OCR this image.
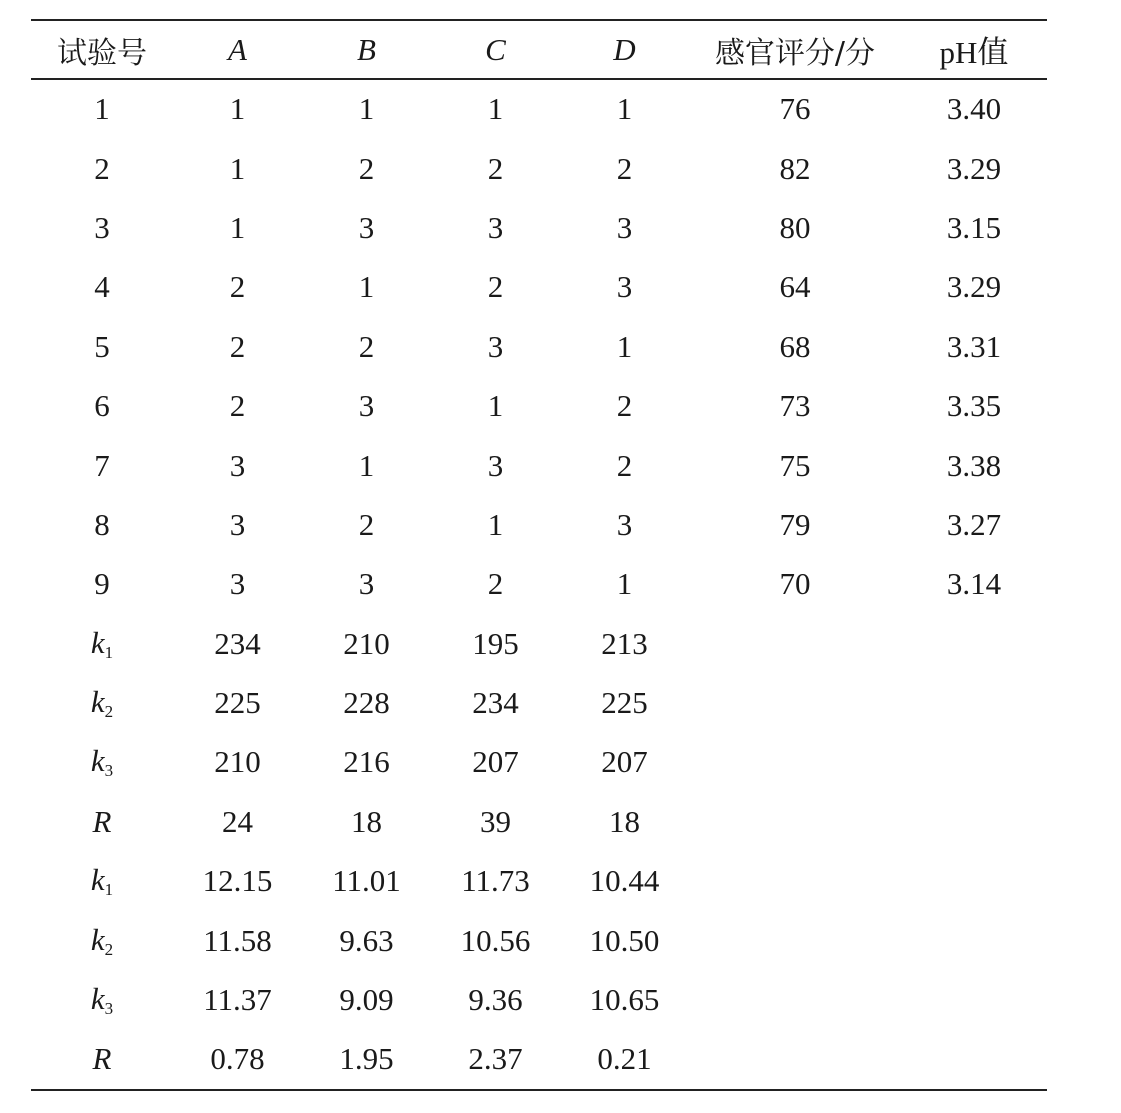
试验号	A	B	C	D	感官评分/分	pH值
1	1	1	1	1	76	3.40
2	1	2	2	2	82	3.29
3	1	3	3	3	80	3.15
4	2	1	2	3	64	3.29
5	2	2	3	1	68	3.31
6	2	3	1	2	73	3.35
7	3	1	3	2	75	3.38
8	3	2	1	3	79	3.27
9	3	3	2	1	70	3.14
$k_1$	234	210	195	213		
$k_2$	225	228	234	225		
$k_3$	210	216	207	207		
R	24	18	39	18		
$k_1$	12.15	11.01	11.73	10.44		
$k_2$	11.58	9.63	10.56	10.50		
$k_3$	11.37	9.09	9.36	10.65		
R	0.78	1.95	2.37	0.21		
